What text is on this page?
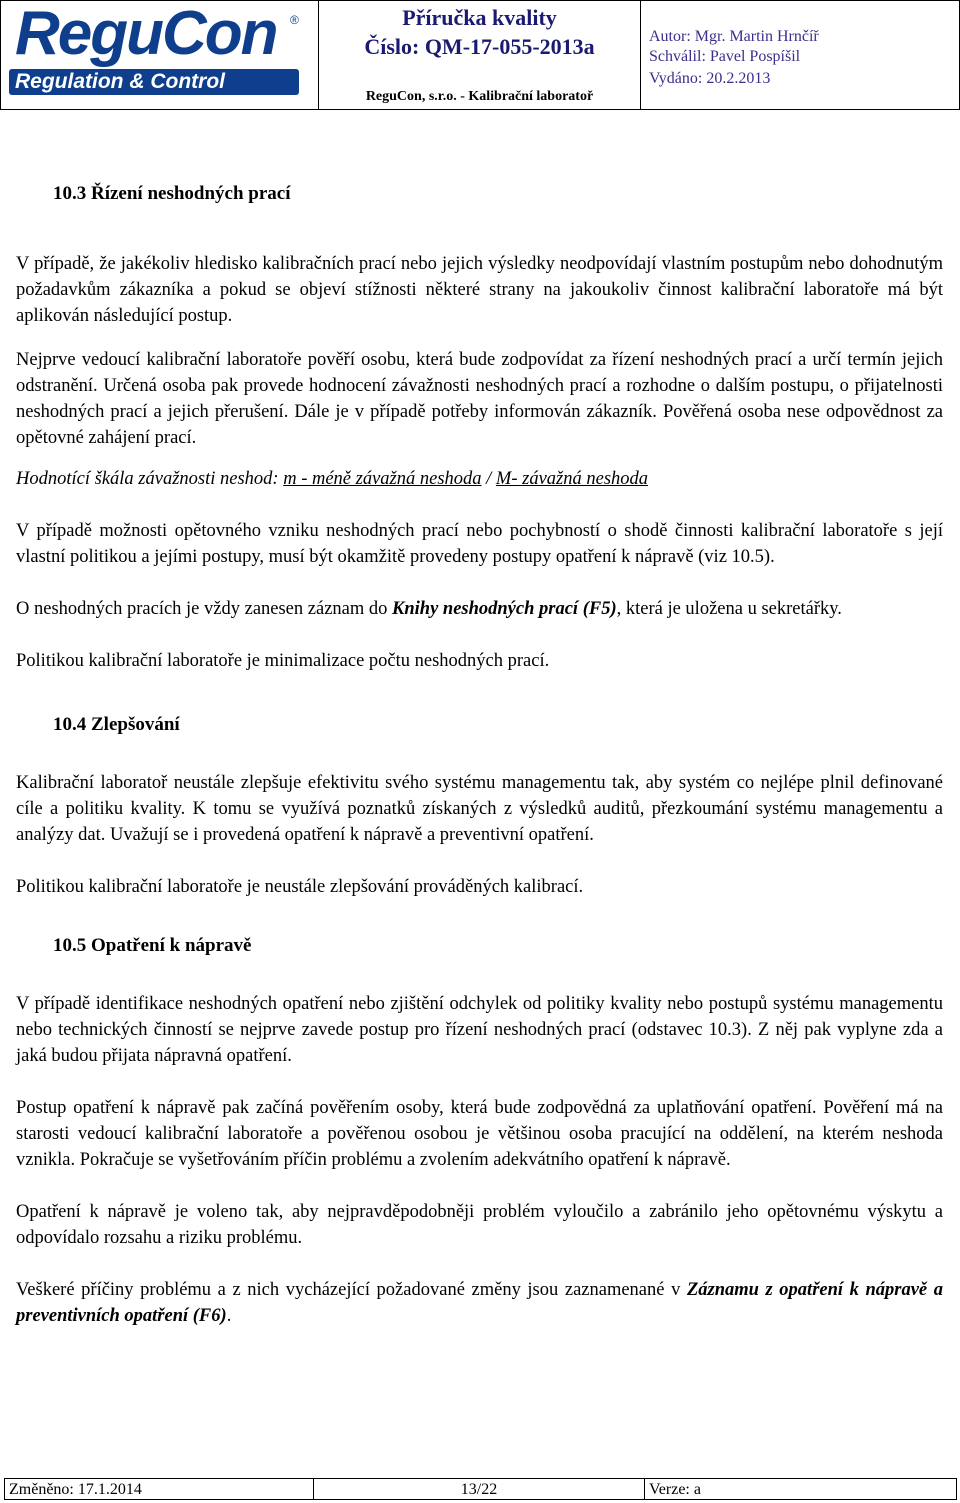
ReguCon ®
Regulation & Control

Příručka kvality
Číslo: QM-17-055-2013a
ReguCon, s.r.o. - Kalibrační laboratoř

Autor: Mgr. Martin Hrnčíř
Schválil: Pavel Pospíšil
Vydáno: 20.2.2013
10.3 Řízení neshodných prací

V případě, že jakékoliv hledisko kalibračních prací nebo jejich výsledky neodpovídají vlastním postupům nebo dohodnutým požadavkům zákazníka a pokud se objeví stížnosti některé strany na jakoukoliv činnost kalibrační laboratoře má být aplikován následující postup.

Nejprve vedoucí kalibrační laboratoře pověří osobu, která bude zodpovídat za řízení neshodných prací a určí termín jejich odstranění. Určená osoba pak provede hodnocení závažnosti neshodných prací a rozhodne o dalším postupu, o přijatelnosti neshodných prací a jejich přerušení. Dále je v případě potřeby informován zákazník. Pověřená osoba nese odpovědnost za opětovné zahájení prací.

Hodnotící škála závažnosti neshod: m - méně závažná neshoda / M- závažná neshoda

V případě možnosti opětovného vzniku neshodných prací nebo pochybností o shodě činnosti kalibrační laboratoře s její vlastní politikou a jejími postupy, musí být okamžitě provedeny postupy opatření k nápravě (viz 10.5).

O neshodných pracích je vždy zanesen záznam do Knihy neshodných prací (F5), která je uložena u sekretářky.

Politikou kalibrační laboratoře je minimalizace počtu neshodných prací.

10.4 Zlepšování

Kalibrační laboratoř neustále zlepšuje efektivitu svého systému managementu tak, aby systém co nejlépe plnil definované cíle a politiku kvality. K tomu se využívá poznatků získaných z výsledků auditů, přezkoumání systému managementu a analýzy dat. Uvažují se i provedená opatření k nápravě a preventivní opatření.

Politikou kalibrační laboratoře je neustále zlepšování prováděných kalibrací.

10.5 Opatření k nápravě

V případě identifikace neshodných opatření nebo zjištění odchylek od politiky kvality nebo postupů systému managementu nebo technických činností se nejprve zavede postup pro řízení neshodných prací (odstavec 10.3). Z něj pak vyplyne zda a jaká budou přijata nápravná opatření.

Postup opatření k nápravě pak začíná pověřením osoby, která bude zodpovědná za uplatňování opatření. Pověření má na starosti vedoucí kalibrační laboratoře a pověřenou osobou je většinou osoba pracující na oddělení, na kterém neshoda vznikla. Pokračuje se vyšetřováním příčin problému a zvolením adekvátního opatření k nápravě.

Opatření k nápravě je voleno tak, aby nejpravděpodobněji problém vyloučilo a zabránilo jeho opětovnému výskytu a odpovídalo rozsahu a riziku problému.

Veškeré příčiny problému a z nich vycházející požadované změny jsou zaznamenané v Záznamu z opatření k nápravě a preventivních opatření (F6).

Změněno: 17.1.2014	13/22	Verze: a
